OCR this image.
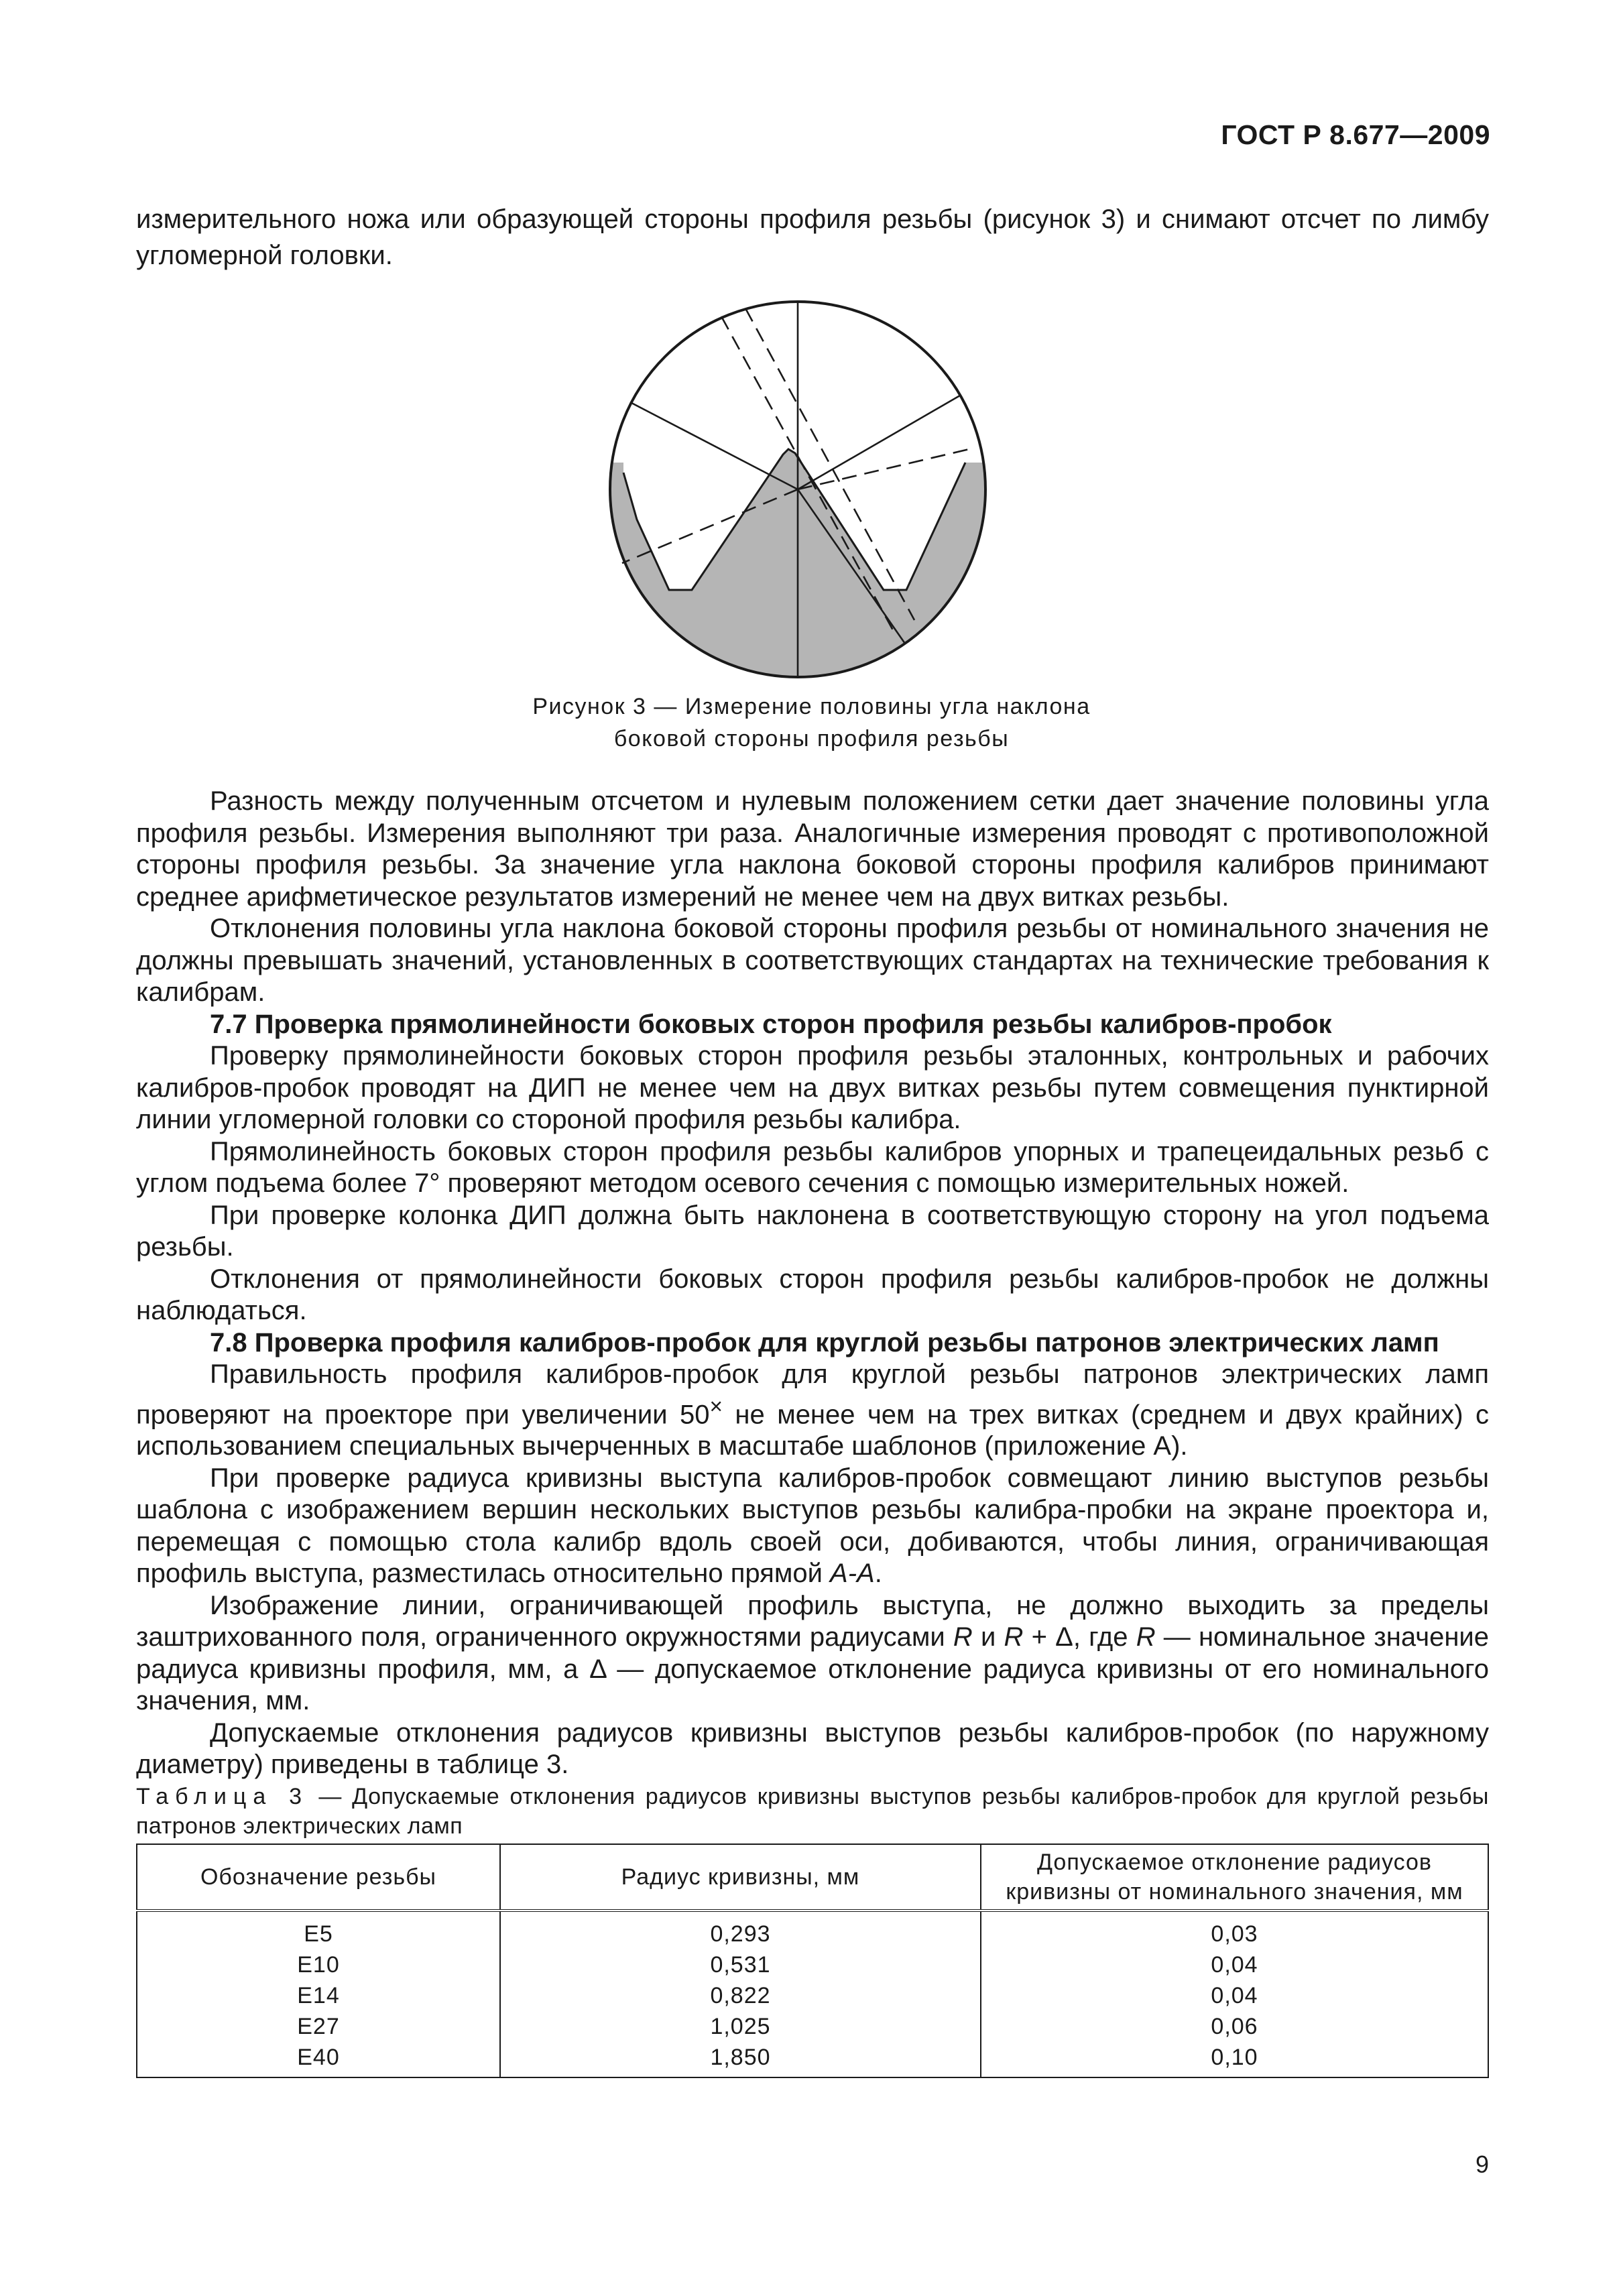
ГОСТ Р 8.677—2009

измерительного ножа или образующей стороны профиля резьбы (рисунок 3) и снимают отсчет по лимбу угломерной головки.

Рисунок 3 — Измерение половины угла наклона
боковой стороны профиля резьбы

Разность между полученным отсчетом и нулевым положением сетки дает значение половины угла профиля резьбы. Измерения выполняют три раза. Аналогичные измерения проводят с противоположной стороны профиля резьбы. За значение угла наклона боковой стороны профиля калибров принимают среднее арифметическое результатов измерений не менее чем на двух витках резьбы.

Отклонения половины угла наклона боковой стороны профиля резьбы от номинального значения не должны превышать значений, установленных в соответствующих стандартах на технические требования к калибрам.

7.7 Проверка прямолинейности боковых сторон профиля резьбы калибров-пробок

Проверку прямолинейности боковых сторон профиля резьбы эталонных, контрольных и рабочих калибров-пробок проводят на ДИП не менее чем на двух витках резьбы путем совмещения пунктирной линии угломерной головки со стороной профиля резьбы калибра.

Прямолинейность боковых сторон профиля резьбы калибров упорных и трапецеидальных резьб с углом подъема более 7° проверяют методом осевого сечения с помощью измерительных ножей.

При проверке колонка ДИП должна быть наклонена в соответствующую сторону на угол подъема резьбы.

Отклонения от прямолинейности боковых сторон профиля резьбы калибров-пробок не должны наблюдаться.

7.8 Проверка профиля калибров-пробок для круглой резьбы патронов электрических ламп

Правильность профиля калибров-пробок для круглой резьбы патронов электрических ламп проверяют на проекторе при увеличении 50× не менее чем на трех витках (среднем и двух крайних) с использованием специальных вычерченных в масштабе шаблонов (приложение А).

При проверке радиуса кривизны выступа калибров-пробок совмещают линию выступов резьбы шаблона с изображением вершин нескольких выступов резьбы калибра-пробки на экране проектора и, перемещая с помощью стола калибр вдоль своей оси, добиваются, чтобы линия, ограничивающая профиль выступа, разместилась относительно прямой А-А.

Изображение линии, ограничивающей профиль выступа, не должно выходить за пределы заштрихованного поля, ограниченного окружностями радиусами R и R + Δ, где R — номинальное значение радиуса кривизны профиля, мм, а Δ — допускаемое отклонение радиуса кривизны от его номинального значения, мм.

Допускаемые отклонения радиусов кривизны выступов резьбы калибров-пробок (по наружному диаметру) приведены в таблице 3.

Таблица 3 — Допускаемые отклонения радиусов кривизны выступов резьбы калибров-пробок для круглой резьбы патронов электрических ламп
Обозначение резьбы	Радиус кривизны, мм	Допускаемое отклонение радиусов
кривизны от номинального значения, мм

Е5	0,293	0,03
Е10	0,531	0,04
Е14	0,822	0,04
Е27	1,025	0,06
Е40	1,850	0,10
9
